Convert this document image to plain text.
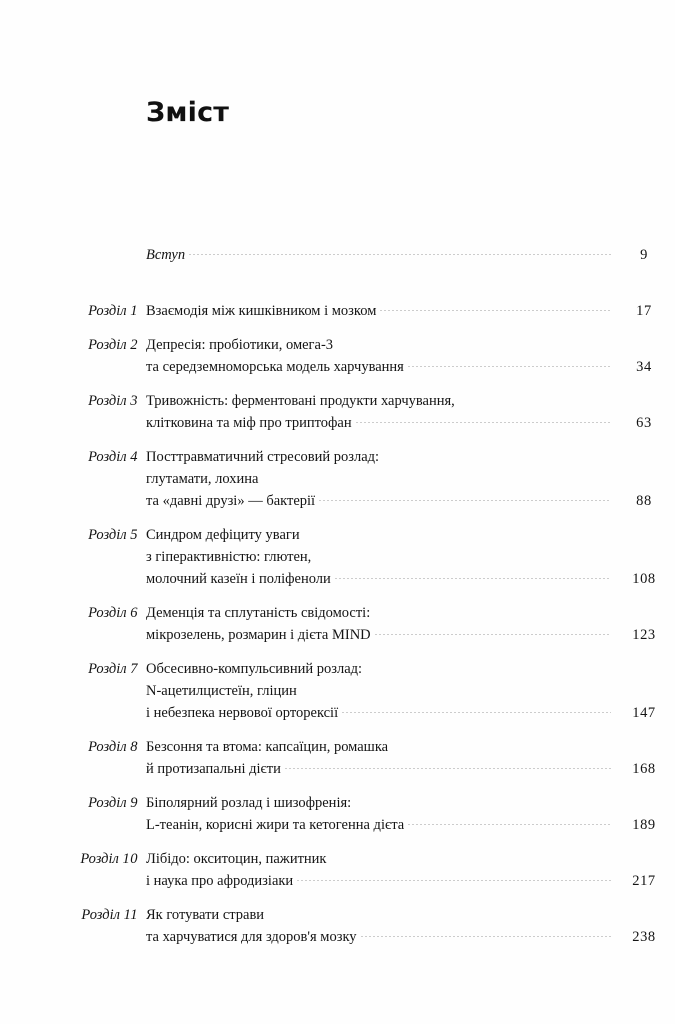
Зміст
Вступ	9
Розділ 1 Взаємодія між кишківником і мозком	17
Розділ 2 Депресія: пробіотики, омега-3
та середземноморська модель харчування	34
Розділ 3 Тривожність: ферментовані продукти харчування,
клітковина та міф про триптофан	63
Розділ 4 Посттравматичний стресовий розлад:
глутамати, лохина
та «давні друзі» — бактерії	88
Розділ 5 Синдром дефіциту уваги
з гіперактивністю: глютен,
молочний казеїн і поліфеноли	108
Розділ 6 Деменція та сплутаність свідомості:
мікрозелень, розмарин і дієта MIND	123
Розділ 7 Обсесивно-компульсивний розлад:
N-ацетилцистеїн, гліцин
і небезпека нервової орторексії	147
Розділ 8 Безсоння та втома: капсаїцин, ромашка
й протизапальні дієти	168
Розділ 9 Біполярний розлад і шизофренія:
L-теанін, корисні жири та кетогенна дієта	189
Розділ 10 Лібідо: окситоцин, пажитник
і наука про афродизіаки	217
Розділ 11 Як готувати страви
та харчуватися для здоров'я мозку	238
